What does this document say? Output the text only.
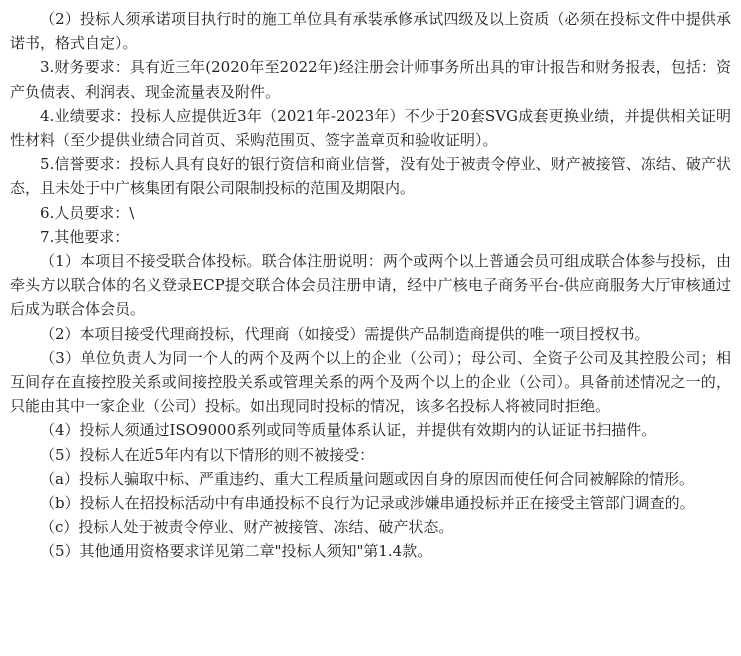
（2）投标人须承诺项目执行时的施工单位具有承装承修承试四级及以上资质（必须在投标文件中提供承诺书，格式自定）。

3.财务要求：具有近三年(2020年至2022年)经注册会计师事务所出具的审计报告和财务报表，包括：资产负债表、利润表、现金流量表及附件。

4.业绩要求：投标人应提供近3年（2021年-2023年）不少于20套SVG成套更换业绩，并提供相关证明性材料（至少提供业绩合同首页、采购范围页、签字盖章页和验收证明）。

5.信誉要求：投标人具有良好的银行资信和商业信誉，没有处于被责令停业、财产被接管、冻结、破产状态，且未处于中广核集团有限公司限制投标的范围及期限内。

6.人员要求：\

7.其他要求：

（1）本项目不接受联合体投标。联合体注册说明：两个或两个以上普通会员可组成联合体参与投标，由牵头方以联合体的名义登录ECP提交联合体会员注册申请，经中广核电子商务平台-供应商服务大厅审核通过后成为联合体会员。

（2）本项目接受代理商投标，代理商（如接受）需提供产品制造商提供的唯一项目授权书。

（3）单位负责人为同一个人的两个及两个以上的企业（公司）；母公司、全资子公司及其控股公司；相互间存在直接控股关系或间接控股关系或管理关系的两个及两个以上的企业（公司）。具备前述情况之一的，只能由其中一家企业（公司）投标。如出现同时投标的情况，该多名投标人将被同时拒绝。

（4）投标人须通过ISO9000系列或同等质量体系认证，并提供有效期内的认证证书扫描件。

（5）投标人在近5年内有以下情形的则不被接受：

（a）投标人骗取中标、严重违约、重大工程质量问题或因自身的原因而使任何合同被解除的情形。

（b）投标人在招投标活动中有串通投标不良行为记录或涉嫌串通投标并正在接受主管部门调查的。

（c）投标人处于被责令停业、财产被接管、冻结、破产状态。

（5）其他通用资格要求详见第二章"投标人须知"第1.4款。
